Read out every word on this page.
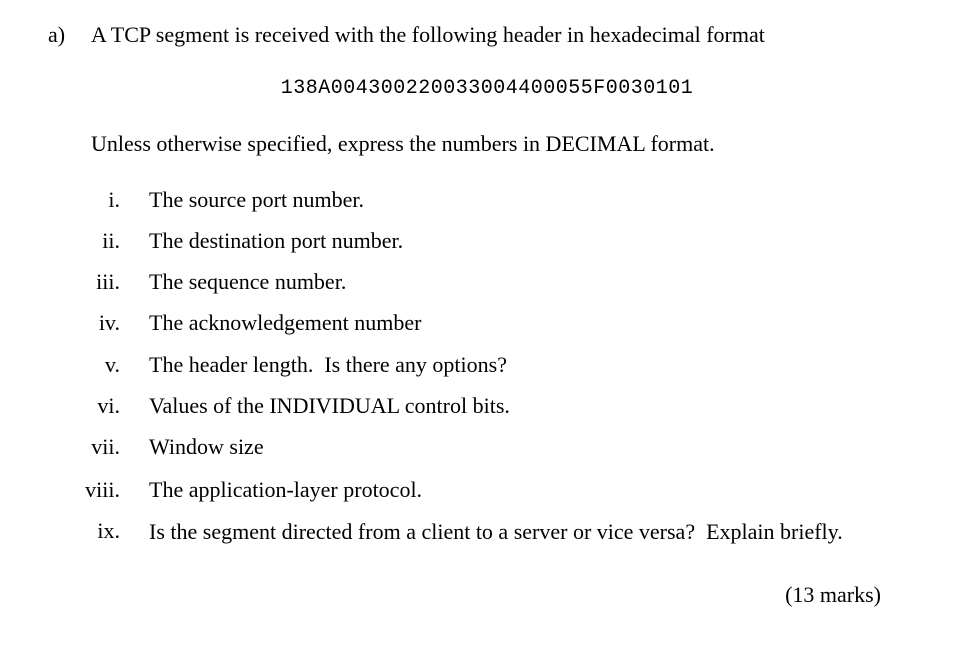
a) A TCP segment is received with the following header in hexadecimal format
138A004300220033004400055F0030101
Unless otherwise specified, express the numbers in DECIMAL format.
i. The source port number.
ii. The destination port number.
iii. The sequence number.
iv. The acknowledgement number
v. The header length.  Is there any options?
vi. Values of the INDIVIDUAL control bits.
vii. Window size
viii. The application-layer protocol.
ix. Is the segment directed from a client to a server or vice versa?  Explain briefly.
(13 marks)
